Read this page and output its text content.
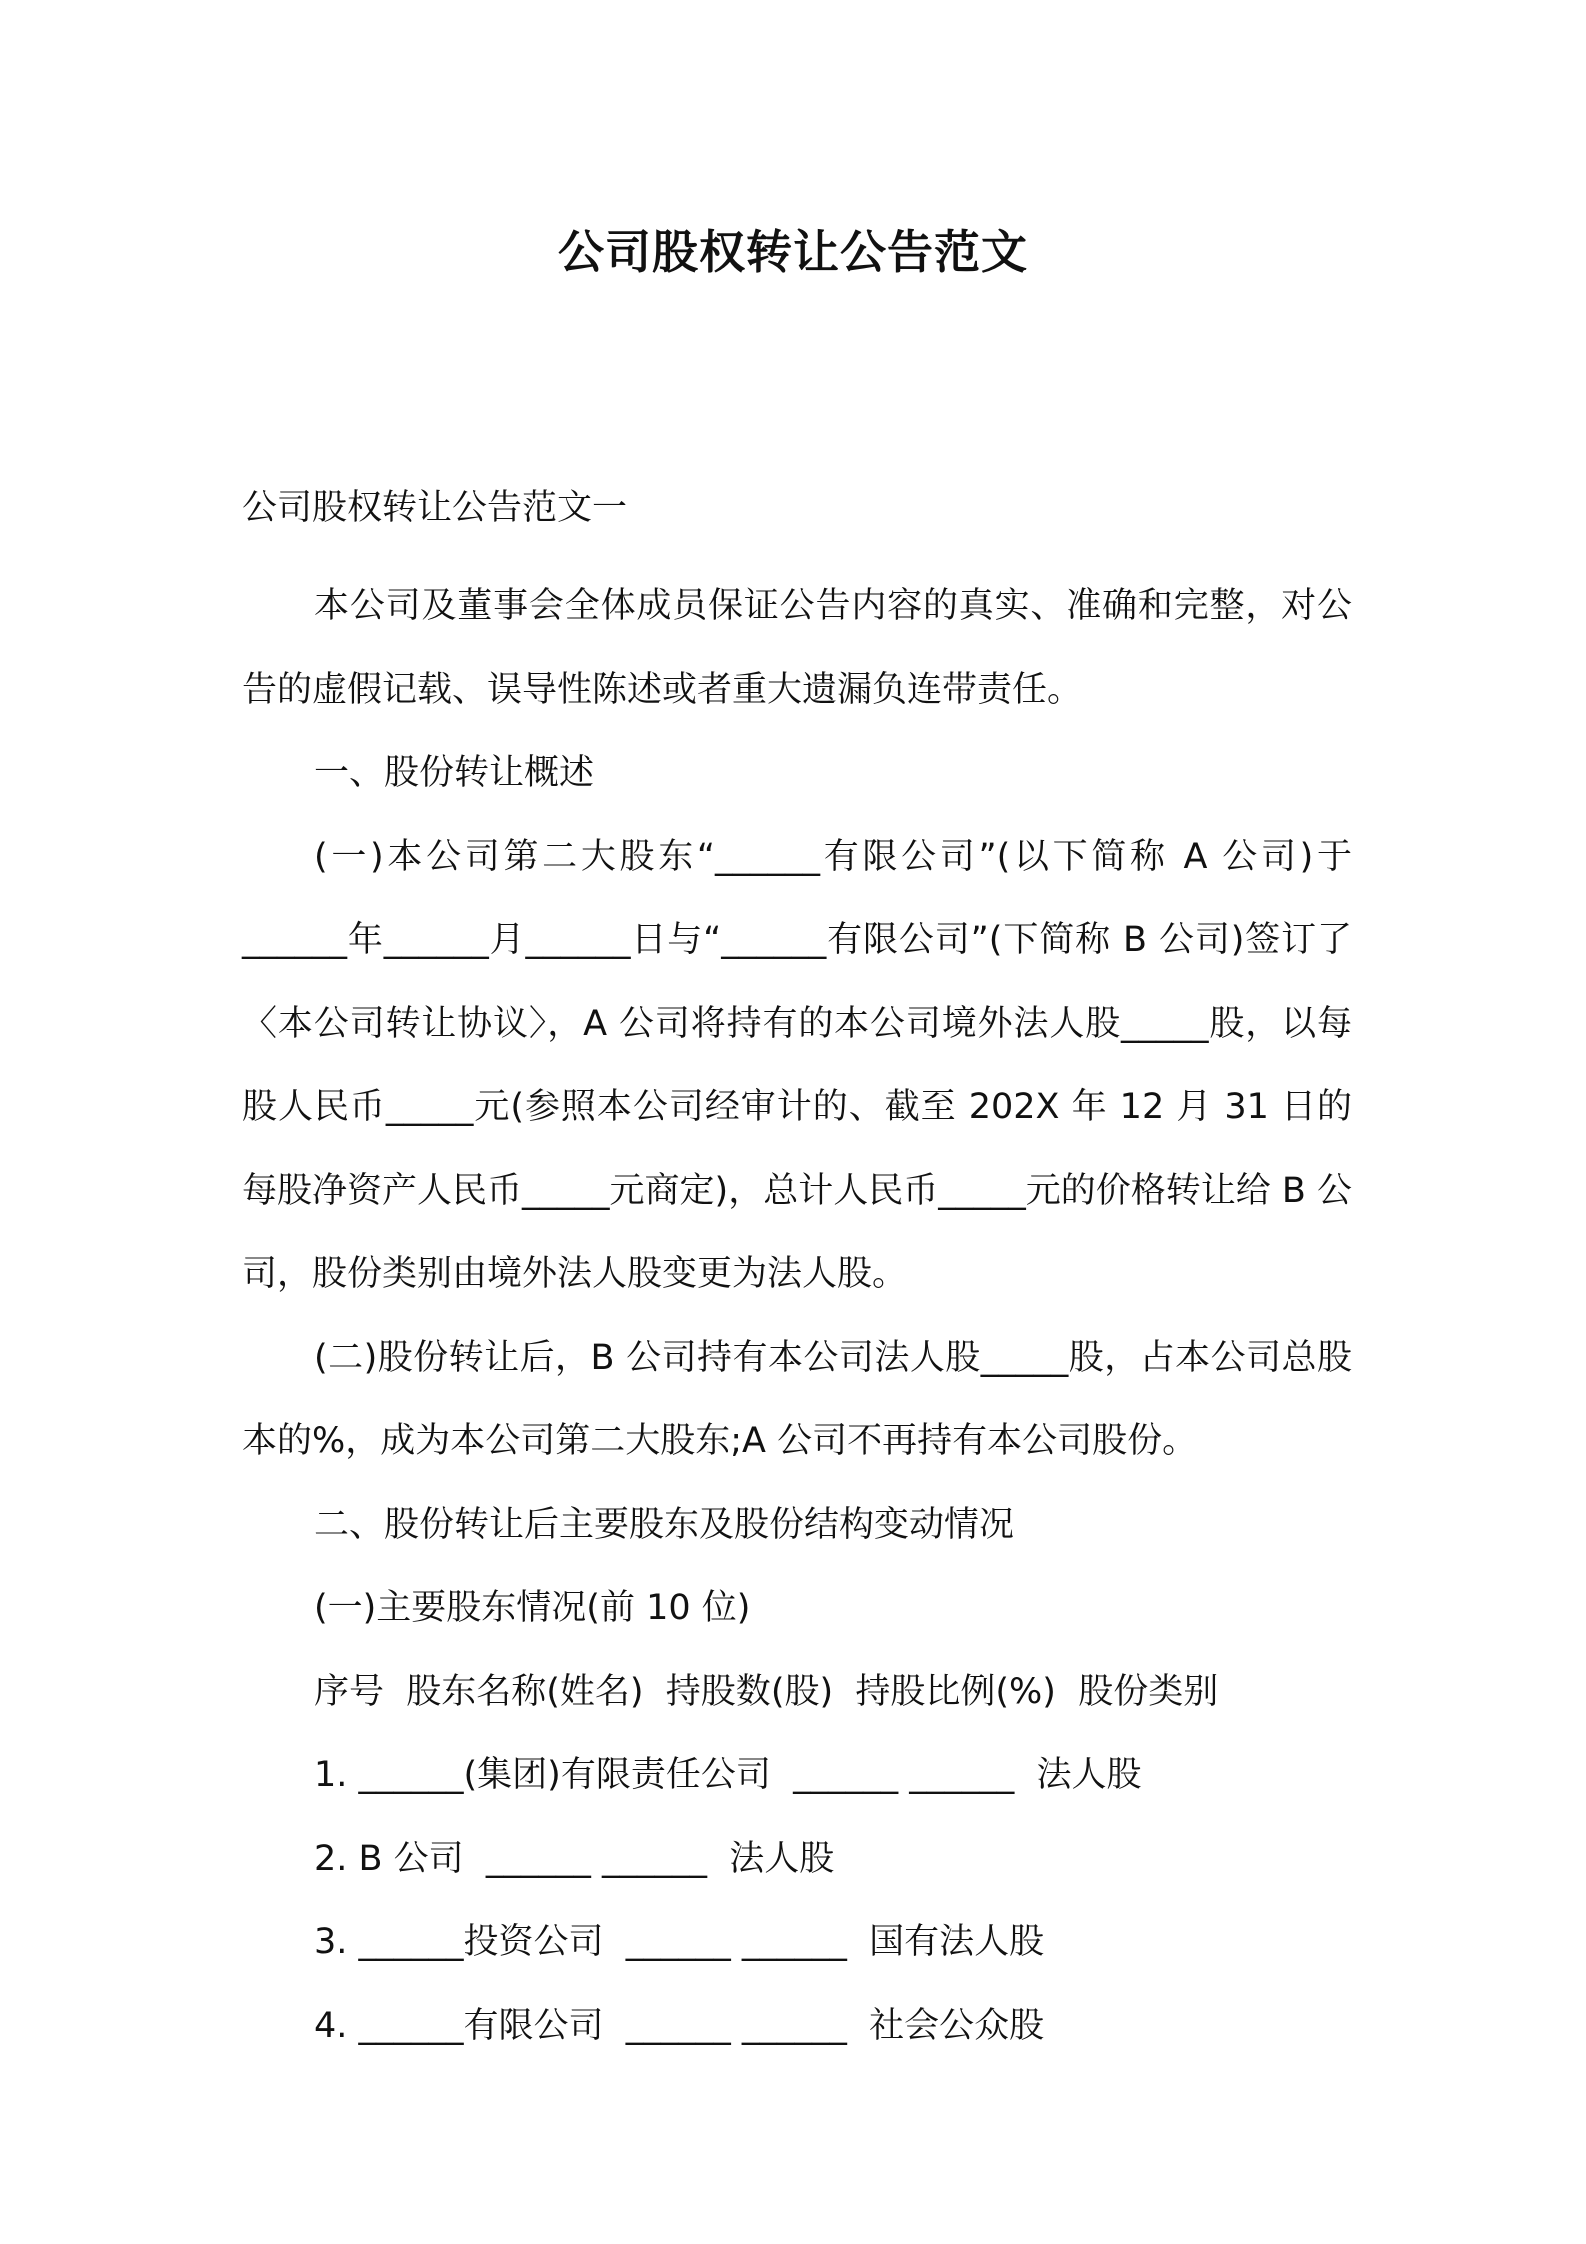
公司股权转让公告范文
公司股权转让公告范文一

本公司及董事会全体成员保证公告内容的真实、准确和完整，对公告的虚假记载、误导性陈述或者重大遗漏负连带责任。

一、股份转让概述

(一)本公司第二大股东“______有限公司”(以下简称 A 公司)于______年______月______日与“______有限公司”(下简称 B 公司)签订了〈本公司转让协议〉，A 公司将持有的本公司境外法人股_____股，以每股人民币_____元(参照本公司经审计的、截至 202X 年 12 月 31 日的每股净资产人民币_____元商定)，总计人民币_____元的价格转让给 B 公司，股份类别由境外法人股变更为法人股。

(二)股份转让后，B 公司持有本公司法人股_____股，占本公司总股本的%，成为本公司第二大股东;A 公司不再持有本公司股份。

二、股份转让后主要股东及股份结构变动情况

(一)主要股东情况(前 10 位)

序号  股东名称(姓名)  持股数(股)  持股比例(%)  股份类别

1. ______(集团)有限责任公司  ______ ______  法人股

2. B 公司  ______ ______  法人股

3. ______投资公司  ______ ______  国有法人股

4. ______有限公司  ______ ______  社会公众股
